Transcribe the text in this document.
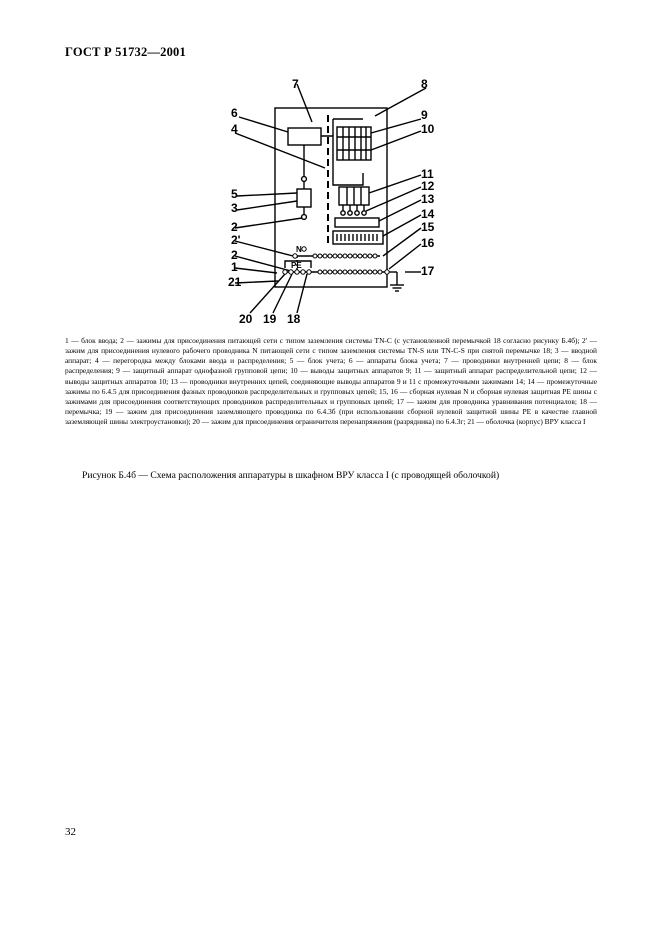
ГОСТ Р 51732—2001
7	8
6	9
4	10
11
5
12
3
13
14
2	15
2'	16
2
1	17
21
20 19 18
N
PE

1 — блок ввода; 2 — зажимы для присоединения питающей сети с типом заземления системы TN-C (с установленной перемычкой 18 согласно рисунку Б.4б); 2' — зажим для присоединения нулевого рабочего проводника N питающей сети с типом заземления системы TN-S или TN-C-S при снятой перемычке 18; 3 — вводной аппарат; 4 — перегородка между блоками ввода и распределения; 5 — блок учета; 6 — аппараты блока учета; 7 — проводники внутренней цепи; 8 — блок распределения; 9 — защитный аппарат однофазной групповой цепи; 10 — выводы защитных аппаратов 9; 11 — защитный аппарат распределительной цепи; 12 — выводы защитных аппаратов 10; 13 — проводники внутренних цепей, соединяющие выводы аппаратов 9 и 11 с промежуточными зажимами 14; 14 — промежуточные зажимы по 6.4.5 для присоединения фазных проводников распределительных и групповых цепей; 15, 16 — сборная нулевая N и сборная нулевая защитная PE шины с зажимами для присоединения соответствующих проводников распределительных и групповых цепей; 17 — зажим для проводника уравнивания потенциалов; 18 — перемычка; 19 — зажим для присоединения заземляющего проводника по 6.4.3б (при использовании сборной нулевой защитной шины PE в качестве главной заземляющей шины электроустановки); 20 — зажим для присоединения ограничителя перенапряжения (разрядника) по 6.4.3г; 21 — оболочка (корпус) ВРУ класса I

Рисунок Б.4б — Схема расположения аппаратуры в шкафном ВРУ класса I (с проводящей оболочкой)
32
